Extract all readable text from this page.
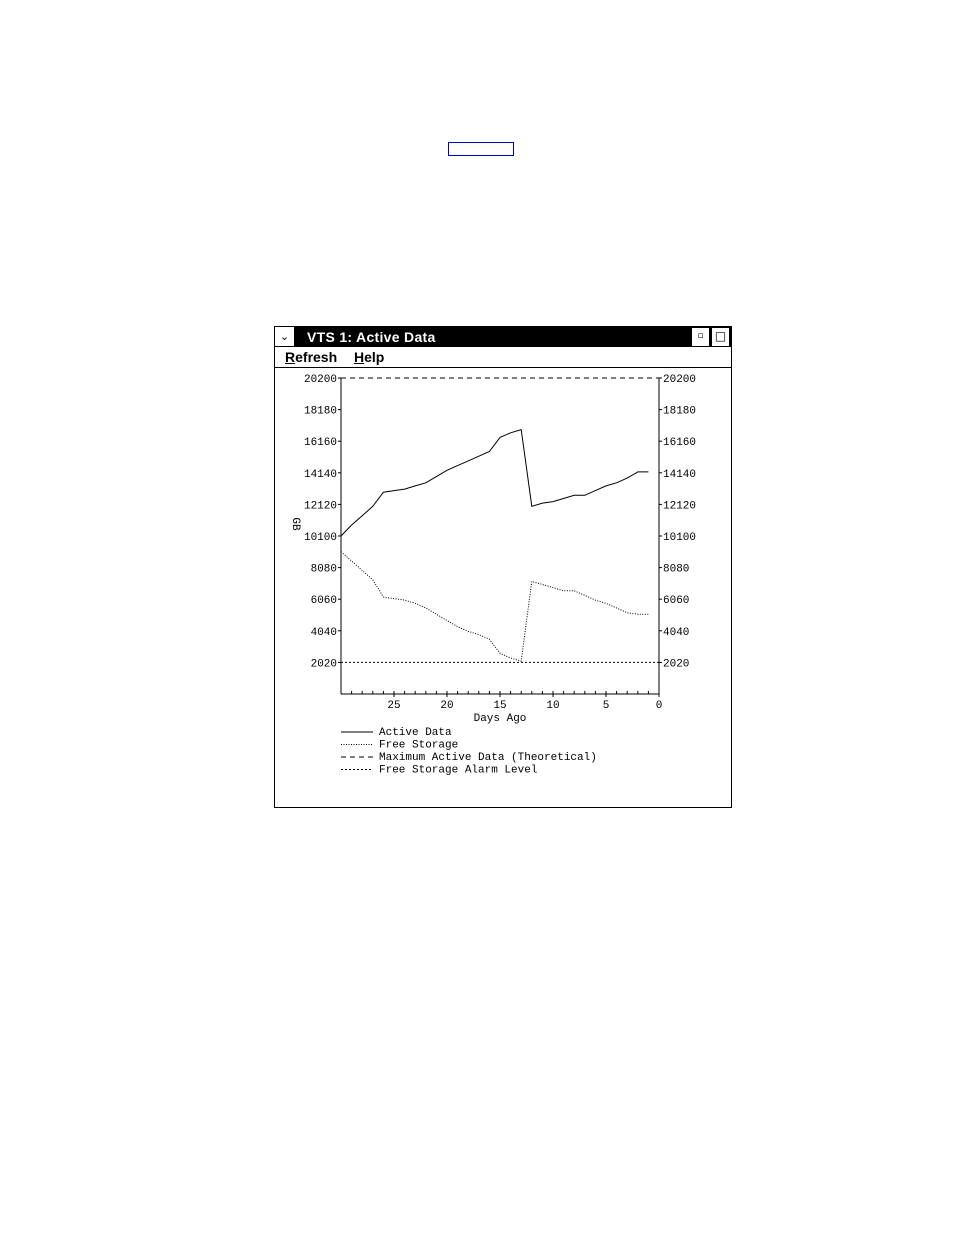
⌄	VTS 1: Active Data	▫ □
Refresh Help
2020	2020
4040	4040
6060	6060
8080	8080
10100	10100
12120	12120
14140	14140
16160	16160
18180	18180
20200	20200
25	20	15	10	5	0
Days Ago
GB
Active Data
Free Storage
Maximum Active Data (Theoretical)
Free Storage Alarm Level
